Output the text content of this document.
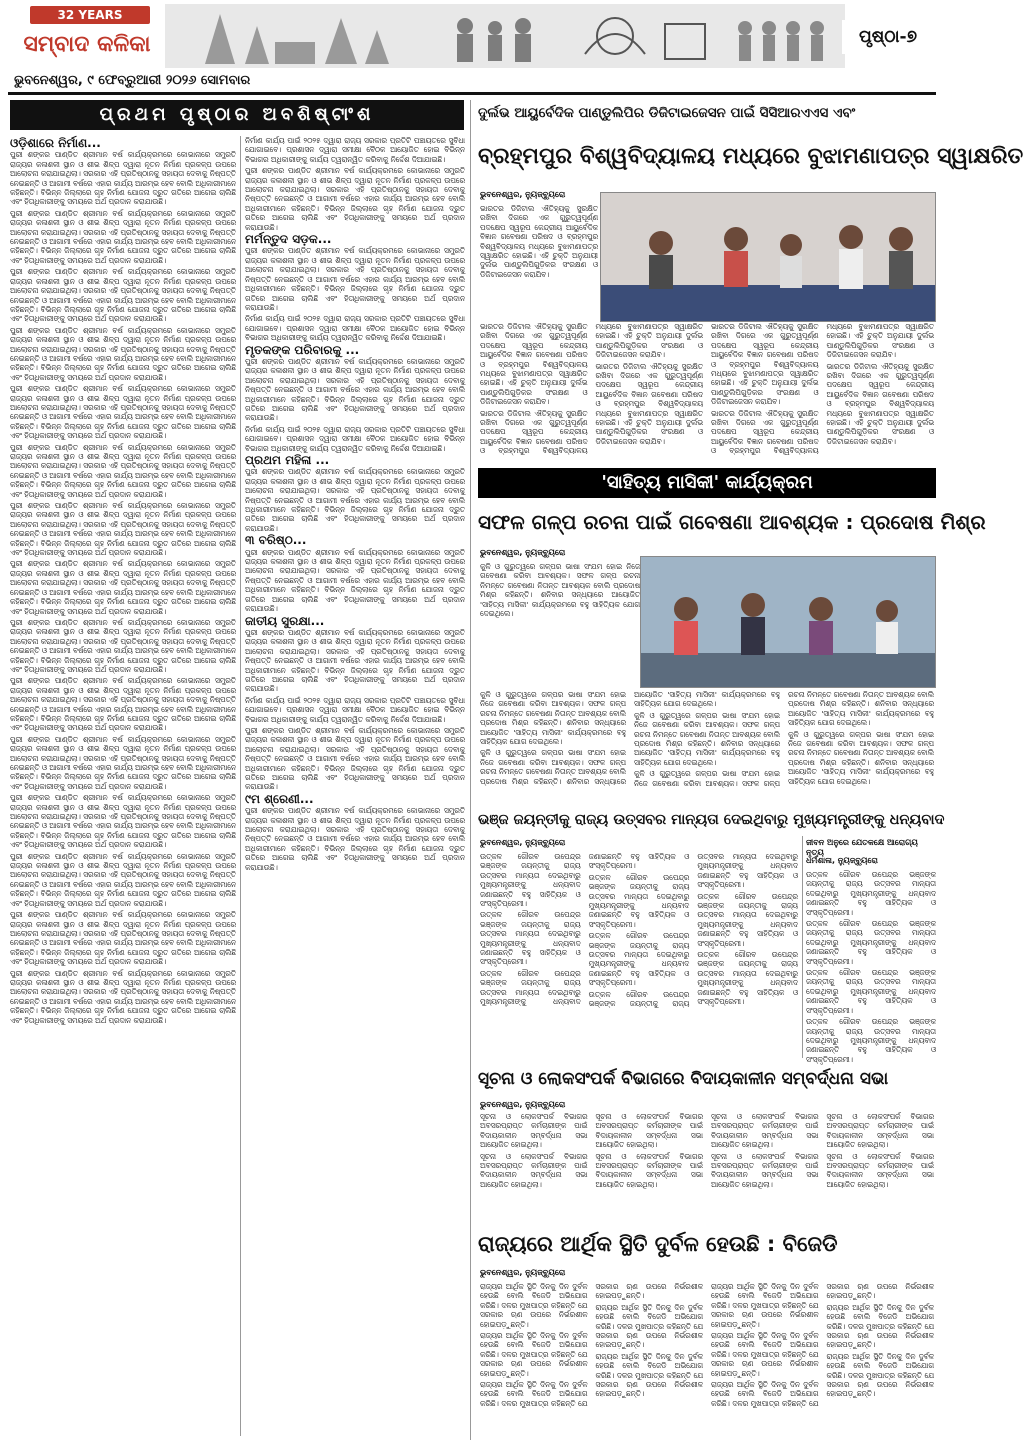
32 YEARS
ସମ୍ବାଦ କଳିକା
ଭୁବନେଶ୍ୱର, ୯ ଫେବ୍ରୁଆରୀ ୨୦୨୬ ସୋମବାର
ପୃଷ୍ଠା-୭
ପ୍ରଥମ ପୃଷ୍ଠାର ଅବଶିଷ୍ଟାଂଶ
ଓଡ଼ିଶାରେ ନିର୍ମାଣ...

ପୁରୀ ଶଙ୍କର ପାଣ୍ଡିତ ଶ୍ରୀମାନ ବର୍ଷ କାର୍ଯ୍ୟକ୍ରମରେ କୋଭାନାରେ ସମ୍ପ୍ରତି ରାଜ୍ୟର କଳାଶଳୀ ସ୍ଥାନ ଓ ଶୀଭ ଶିଳ୍ପ ଦ୍ୱାରା ନୂତନ ନିର୍ମାଣ ପ୍ରକଳ୍ପ ଉପରେ ଆଲୋଚନା କରାଯାଇଥିଲା। ସରକାର ଏହି ପ୍ରତିଷ୍ଠାନକୁ ସହାୟତା ଦେବାକୁ ନିଷ୍ପତ୍ତି ନେଇଛନ୍ତି ଓ ଆଗାମୀ ବର୍ଷରେ ଏହାର କାର୍ଯ୍ୟ ଆରମ୍ଭ ହେବ ବୋଲି ଅଧିକାରୀମାନେ କହିଛନ୍ତି। ବିଭିନ୍ନ ଜିଲ୍ଲାରେ ଗୃହ ନିର୍ମାଣ ଯୋଜନା ଦ୍ରୁତ ଗତିରେ ଆଗେଇ ଚାଲିଛି ଏବଂ ହିତାଧିକାରୀଙ୍କୁ ସମୟରେ ଅର୍ଥ ପ୍ରଦାନ କରାଯାଉଛି।

ପୁରୀ ଶଙ୍କର ପାଣ୍ଡିତ ଶ୍ରୀମାନ ବର୍ଷ କାର୍ଯ୍ୟକ୍ରମରେ କୋଭାନାରେ ସମ୍ପ୍ରତି ରାଜ୍ୟର କଳାଶଳୀ ସ୍ଥାନ ଓ ଶୀଭ ଶିଳ୍ପ ଦ୍ୱାରା ନୂତନ ନିର୍ମାଣ ପ୍ରକଳ୍ପ ଉପରେ ଆଲୋଚନା କରାଯାଇଥିଲା। ସରକାର ଏହି ପ୍ରତିଷ୍ଠାନକୁ ସହାୟତା ଦେବାକୁ ନିଷ୍ପତ୍ତି ନେଇଛନ୍ତି ଓ ଆଗାମୀ ବର୍ଷରେ ଏହାର କାର୍ଯ୍ୟ ଆରମ୍ଭ ହେବ ବୋଲି ଅଧିକାରୀମାନେ କହିଛନ୍ତି। ବିଭିନ୍ନ ଜିଲ୍ଲାରେ ଗୃହ ନିର୍ମାଣ ଯୋଜନା ଦ୍ରୁତ ଗତିରେ ଆଗେଇ ଚାଲିଛି ଏବଂ ହିତାଧିକାରୀଙ୍କୁ ସମୟରେ ଅର୍ଥ ପ୍ରଦାନ କରାଯାଉଛି।

ପୁରୀ ଶଙ୍କର ପାଣ୍ଡିତ ଶ୍ରୀମାନ ବର୍ଷ କାର୍ଯ୍ୟକ୍ରମରେ କୋଭାନାରେ ସମ୍ପ୍ରତି ରାଜ୍ୟର କଳାଶଳୀ ସ୍ଥାନ ଓ ଶୀଭ ଶିଳ୍ପ ଦ୍ୱାରା ନୂତନ ନିର୍ମାଣ ପ୍ରକଳ୍ପ ଉପରେ ଆଲୋଚନା କରାଯାଇଥିଲା। ସରକାର ଏହି ପ୍ରତିଷ୍ଠାନକୁ ସହାୟତା ଦେବାକୁ ନିଷ୍ପତ୍ତି ନେଇଛନ୍ତି ଓ ଆଗାମୀ ବର୍ଷରେ ଏହାର କାର୍ଯ୍ୟ ଆରମ୍ଭ ହେବ ବୋଲି ଅଧିକାରୀମାନେ କହିଛନ୍ତି। ବିଭିନ୍ନ ଜିଲ୍ଲାରେ ଗୃହ ନିର୍ମାଣ ଯୋଜନା ଦ୍ରୁତ ଗତିରେ ଆଗେଇ ଚାଲିଛି ଏବଂ ହିତାଧିକାରୀଙ୍କୁ ସମୟରେ ଅର୍ଥ ପ୍ରଦାନ କରାଯାଉଛି।

ପୁରୀ ଶଙ୍କର ପାଣ୍ଡିତ ଶ୍ରୀମାନ ବର୍ଷ କାର୍ଯ୍ୟକ୍ରମରେ କୋଭାନାରେ ସମ୍ପ୍ରତି ରାଜ୍ୟର କଳାଶଳୀ ସ୍ଥାନ ଓ ଶୀଭ ଶିଳ୍ପ ଦ୍ୱାରା ନୂତନ ନିର୍ମାଣ ପ୍ରକଳ୍ପ ଉପରେ ଆଲୋଚନା କରାଯାଇଥିଲା। ସରକାର ଏହି ପ୍ରତିଷ୍ଠାନକୁ ସହାୟତା ଦେବାକୁ ନିଷ୍ପତ୍ତି ନେଇଛନ୍ତି ଓ ଆଗାମୀ ବର୍ଷରେ ଏହାର କାର୍ଯ୍ୟ ଆରମ୍ଭ ହେବ ବୋଲି ଅଧିକାରୀମାନେ କହିଛନ୍ତି। ବିଭିନ୍ନ ଜିଲ୍ଲାରେ ଗୃହ ନିର୍ମାଣ ଯୋଜନା ଦ୍ରୁତ ଗତିରେ ଆଗେଇ ଚାଲିଛି ଏବଂ ହିତାଧିକାରୀଙ୍କୁ ସମୟରେ ଅର୍ଥ ପ୍ରଦାନ କରାଯାଉଛି।

ପୁରୀ ଶଙ୍କର ପାଣ୍ଡିତ ଶ୍ରୀମାନ ବର୍ଷ କାର୍ଯ୍ୟକ୍ରମରେ କୋଭାନାରେ ସମ୍ପ୍ରତି ରାଜ୍ୟର କଳାଶଳୀ ସ୍ଥାନ ଓ ଶୀଭ ଶିଳ୍ପ ଦ୍ୱାରା ନୂତନ ନିର୍ମାଣ ପ୍ରକଳ୍ପ ଉପରେ ଆଲୋଚନା କରାଯାଇଥିଲା। ସରକାର ଏହି ପ୍ରତିଷ୍ଠାନକୁ ସହାୟତା ଦେବାକୁ ନିଷ୍ପତ୍ତି ନେଇଛନ୍ତି ଓ ଆଗାମୀ ବର୍ଷରେ ଏହାର କାର୍ଯ୍ୟ ଆରମ୍ଭ ହେବ ବୋଲି ଅଧିକାରୀମାନେ କହିଛନ୍ତି। ବିଭିନ୍ନ ଜିଲ୍ଲାରେ ଗୃହ ନିର୍ମାଣ ଯୋଜନା ଦ୍ରୁତ ଗତିରେ ଆଗେଇ ଚାଲିଛି ଏବଂ ହିତାଧିକାରୀଙ୍କୁ ସମୟରେ ଅର୍ଥ ପ୍ରଦାନ କରାଯାଉଛି।

ପୁରୀ ଶଙ୍କର ପାଣ୍ଡିତ ଶ୍ରୀମାନ ବର୍ଷ କାର୍ଯ୍ୟକ୍ରମରେ କୋଭାନାରେ ସମ୍ପ୍ରତି ରାଜ୍ୟର କଳାଶଳୀ ସ୍ଥାନ ଓ ଶୀଭ ଶିଳ୍ପ ଦ୍ୱାରା ନୂତନ ନିର୍ମାଣ ପ୍ରକଳ୍ପ ଉପରେ ଆଲୋଚନା କରାଯାଇଥିଲା। ସରକାର ଏହି ପ୍ରତିଷ୍ଠାନକୁ ସହାୟତା ଦେବାକୁ ନିଷ୍ପତ୍ତି ନେଇଛନ୍ତି ଓ ଆଗାମୀ ବର୍ଷରେ ଏହାର କାର୍ଯ୍ୟ ଆରମ୍ଭ ହେବ ବୋଲି ଅଧିକାରୀମାନେ କହିଛନ୍ତି। ବିଭିନ୍ନ ଜିଲ୍ଲାରେ ଗୃହ ନିର୍ମାଣ ଯୋଜନା ଦ୍ରୁତ ଗତିରେ ଆଗେଇ ଚାଲିଛି ଏବଂ ହିତାଧିକାରୀଙ୍କୁ ସମୟରେ ଅର୍ଥ ପ୍ରଦାନ କରାଯାଉଛି।

ପୁରୀ ଶଙ୍କର ପାଣ୍ଡିତ ଶ୍ରୀମାନ ବର୍ଷ କାର୍ଯ୍ୟକ୍ରମରେ କୋଭାନାରେ ସମ୍ପ୍ରତି ରାଜ୍ୟର କଳାଶଳୀ ସ୍ଥାନ ଓ ଶୀଭ ଶିଳ୍ପ ଦ୍ୱାରା ନୂତନ ନିର୍ମାଣ ପ୍ରକଳ୍ପ ଉପରେ ଆଲୋଚନା କରାଯାଇଥିଲା। ସରକାର ଏହି ପ୍ରତିଷ୍ଠାନକୁ ସହାୟତା ଦେବାକୁ ନିଷ୍ପତ୍ତି ନେଇଛନ୍ତି ଓ ଆଗାମୀ ବର୍ଷରେ ଏହାର କାର୍ଯ୍ୟ ଆରମ୍ଭ ହେବ ବୋଲି ଅଧିକାରୀମାନେ କହିଛନ୍ତି। ବିଭିନ୍ନ ଜିଲ୍ଲାରେ ଗୃହ ନିର୍ମାଣ ଯୋଜନା ଦ୍ରୁତ ଗତିରେ ଆଗେଇ ଚାଲିଛି ଏବଂ ହିତାଧିକାରୀଙ୍କୁ ସମୟରେ ଅର୍ଥ ପ୍ରଦାନ କରାଯାଉଛି।

ପୁରୀ ଶଙ୍କର ପାଣ୍ଡିତ ଶ୍ରୀମାନ ବର୍ଷ କାର୍ଯ୍ୟକ୍ରମରେ କୋଭାନାରେ ସମ୍ପ୍ରତି ରାଜ୍ୟର କଳାଶଳୀ ସ୍ଥାନ ଓ ଶୀଭ ଶିଳ୍ପ ଦ୍ୱାରା ନୂତନ ନିର୍ମାଣ ପ୍ରକଳ୍ପ ଉପରେ ଆଲୋଚନା କରାଯାଇଥିଲା। ସରକାର ଏହି ପ୍ରତିଷ୍ଠାନକୁ ସହାୟତା ଦେବାକୁ ନିଷ୍ପତ୍ତି ନେଇଛନ୍ତି ଓ ଆଗାମୀ ବର୍ଷରେ ଏହାର କାର୍ଯ୍ୟ ଆରମ୍ଭ ହେବ ବୋଲି ଅଧିକାରୀମାନେ କହିଛନ୍ତି। ବିଭିନ୍ନ ଜିଲ୍ଲାରେ ଗୃହ ନିର୍ମାଣ ଯୋଜନା ଦ୍ରୁତ ଗତିରେ ଆଗେଇ ଚାଲିଛି ଏବଂ ହିତାଧିକାରୀଙ୍କୁ ସମୟରେ ଅର୍ଥ ପ୍ରଦାନ କରାଯାଉଛି।

ପୁରୀ ଶଙ୍କର ପାଣ୍ଡିତ ଶ୍ରୀମାନ ବର୍ଷ କାର୍ଯ୍ୟକ୍ରମରେ କୋଭାନାରେ ସମ୍ପ୍ରତି ରାଜ୍ୟର କଳାଶଳୀ ସ୍ଥାନ ଓ ଶୀଭ ଶିଳ୍ପ ଦ୍ୱାରା ନୂତନ ନିର୍ମାଣ ପ୍ରକଳ୍ପ ଉପରେ ଆଲୋଚନା କରାଯାଇଥିଲା। ସରକାର ଏହି ପ୍ରତିଷ୍ଠାନକୁ ସହାୟତା ଦେବାକୁ ନିଷ୍ପତ୍ତି ନେଇଛନ୍ତି ଓ ଆଗାମୀ ବର୍ଷରେ ଏହାର କାର୍ଯ୍ୟ ଆରମ୍ଭ ହେବ ବୋଲି ଅଧିକାରୀମାନେ କହିଛନ୍ତି। ବିଭିନ୍ନ ଜିଲ୍ଲାରେ ଗୃହ ନିର୍ମାଣ ଯୋଜନା ଦ୍ରୁତ ଗତିରେ ଆଗେଇ ଚାଲିଛି ଏବଂ ହିତାଧିକାରୀଙ୍କୁ ସମୟରେ ଅର୍ଥ ପ୍ରଦାନ କରାଯାଉଛି।

ପୁରୀ ଶଙ୍କର ପାଣ୍ଡିତ ଶ୍ରୀମାନ ବର୍ଷ କାର୍ଯ୍ୟକ୍ରମରେ କୋଭାନାରେ ସମ୍ପ୍ରତି ରାଜ୍ୟର କଳାଶଳୀ ସ୍ଥାନ ଓ ଶୀଭ ଶିଳ୍ପ ଦ୍ୱାରା ନୂତନ ନିର୍ମାଣ ପ୍ରକଳ୍ପ ଉପରେ ଆଲୋଚନା କରାଯାଇଥିଲା। ସରକାର ଏହି ପ୍ରତିଷ୍ଠାନକୁ ସହାୟତା ଦେବାକୁ ନିଷ୍ପତ୍ତି ନେଇଛନ୍ତି ଓ ଆଗାମୀ ବର୍ଷରେ ଏହାର କାର୍ଯ୍ୟ ଆରମ୍ଭ ହେବ ବୋଲି ଅଧିକାରୀମାନେ କହିଛନ୍ତି। ବିଭିନ୍ନ ଜିଲ୍ଲାରେ ଗୃହ ନିର୍ମାଣ ଯୋଜନା ଦ୍ରୁତ ଗତିରେ ଆଗେଇ ଚାଲିଛି ଏବଂ ହିତାଧିକାରୀଙ୍କୁ ସମୟରେ ଅର୍ଥ ପ୍ରଦାନ କରାଯାଉଛି।

ପୁରୀ ଶଙ୍କର ପାଣ୍ଡିତ ଶ୍ରୀମାନ ବର୍ଷ କାର୍ଯ୍ୟକ୍ରମରେ କୋଭାନାରେ ସମ୍ପ୍ରତି ରାଜ୍ୟର କଳାଶଳୀ ସ୍ଥାନ ଓ ଶୀଭ ଶିଳ୍ପ ଦ୍ୱାରା ନୂତନ ନିର୍ମାଣ ପ୍ରକଳ୍ପ ଉପରେ ଆଲୋଚନା କରାଯାଇଥିଲା। ସରକାର ଏହି ପ୍ରତିଷ୍ଠାନକୁ ସହାୟତା ଦେବାକୁ ନିଷ୍ପତ୍ତି ନେଇଛନ୍ତି ଓ ଆଗାମୀ ବର୍ଷରେ ଏହାର କାର୍ଯ୍ୟ ଆରମ୍ଭ ହେବ ବୋଲି ଅଧିକାରୀମାନେ କହିଛନ୍ତି। ବିଭିନ୍ନ ଜିଲ୍ଲାରେ ଗୃହ ନିର୍ମାଣ ଯୋଜନା ଦ୍ରୁତ ଗତିରେ ଆଗେଇ ଚାଲିଛି ଏବଂ ହିତାଧିକାରୀଙ୍କୁ ସମୟରେ ଅର୍ଥ ପ୍ରଦାନ କରାଯାଉଛି।

ପୁରୀ ଶଙ୍କର ପାଣ୍ଡିତ ଶ୍ରୀମାନ ବର୍ଷ କାର୍ଯ୍ୟକ୍ରମରେ କୋଭାନାରେ ସମ୍ପ୍ରତି ରାଜ୍ୟର କଳାଶଳୀ ସ୍ଥାନ ଓ ଶୀଭ ଶିଳ୍ପ ଦ୍ୱାରା ନୂତନ ନିର୍ମାଣ ପ୍ରକଳ୍ପ ଉପରେ ଆଲୋଚନା କରାଯାଇଥିଲା। ସରକାର ଏହି ପ୍ରତିଷ୍ଠାନକୁ ସହାୟତା ଦେବାକୁ ନିଷ୍ପତ୍ତି ନେଇଛନ୍ତି ଓ ଆଗାମୀ ବର୍ଷରେ ଏହାର କାର୍ଯ୍ୟ ଆରମ୍ଭ ହେବ ବୋଲି ଅଧିକାରୀମାନେ କହିଛନ୍ତି। ବିଭିନ୍ନ ଜିଲ୍ଲାରେ ଗୃହ ନିର୍ମାଣ ଯୋଜନା ଦ୍ରୁତ ଗତିରେ ଆଗେଇ ଚାଲିଛି ଏବଂ ହିତାଧିକାରୀଙ୍କୁ ସମୟରେ ଅର୍ଥ ପ୍ରଦାନ କରାଯାଉଛି।

ପୁରୀ ଶଙ୍କର ପାଣ୍ଡିତ ଶ୍ରୀମାନ ବର୍ଷ କାର୍ଯ୍ୟକ୍ରମରେ କୋଭାନାରେ ସମ୍ପ୍ରତି ରାଜ୍ୟର କଳାଶଳୀ ସ୍ଥାନ ଓ ଶୀଭ ଶିଳ୍ପ ଦ୍ୱାରା ନୂତନ ନିର୍ମାଣ ପ୍ରକଳ୍ପ ଉପରେ ଆଲୋଚନା କରାଯାଇଥିଲା। ସରକାର ଏହି ପ୍ରତିଷ୍ଠାନକୁ ସହାୟତା ଦେବାକୁ ନିଷ୍ପତ୍ତି ନେଇଛନ୍ତି ଓ ଆଗାମୀ ବର୍ଷରେ ଏହାର କାର୍ଯ୍ୟ ଆରମ୍ଭ ହେବ ବୋଲି ଅଧିକାରୀମାନେ କହିଛନ୍ତି। ବିଭିନ୍ନ ଜିଲ୍ଲାରେ ଗୃହ ନିର୍ମାଣ ଯୋଜନା ଦ୍ରୁତ ଗତିରେ ଆଗେଇ ଚାଲିଛି ଏବଂ ହିତାଧିକାରୀଙ୍କୁ ସମୟରେ ଅର୍ଥ ପ୍ରଦାନ କରାଯାଉଛି।

ପୁରୀ ଶଙ୍କର ପାଣ୍ଡିତ ଶ୍ରୀମାନ ବର୍ଷ କାର୍ଯ୍ୟକ୍ରମରେ କୋଭାନାରେ ସମ୍ପ୍ରତି ରାଜ୍ୟର କଳାଶଳୀ ସ୍ଥାନ ଓ ଶୀଭ ଶିଳ୍ପ ଦ୍ୱାରା ନୂତନ ନିର୍ମାଣ ପ୍ରକଳ୍ପ ଉପରେ ଆଲୋଚନା କରାଯାଇଥିଲା। ସରକାର ଏହି ପ୍ରତିଷ୍ଠାନକୁ ସହାୟତା ଦେବାକୁ ନିଷ୍ପତ୍ତି ନେଇଛନ୍ତି ଓ ଆଗାମୀ ବର୍ଷରେ ଏହାର କାର୍ଯ୍ୟ ଆରମ୍ଭ ହେବ ବୋଲି ଅଧିକାରୀମାନେ କହିଛନ୍ତି। ବିଭିନ୍ନ ଜିଲ୍ଲାରେ ଗୃହ ନିର୍ମାଣ ଯୋଜନା ଦ୍ରୁତ ଗତିରେ ଆଗେଇ ଚାଲିଛି ଏବଂ ହିତାଧିକାରୀଙ୍କୁ ସମୟରେ ଅର୍ଥ ପ୍ରଦାନ କରାଯାଉଛି।

ପୁରୀ ଶଙ୍କର ପାଣ୍ଡିତ ଶ୍ରୀମାନ ବର୍ଷ କାର୍ଯ୍ୟକ୍ରମରେ କୋଭାନାରେ ସମ୍ପ୍ରତି ରାଜ୍ୟର କଳାଶଳୀ ସ୍ଥାନ ଓ ଶୀଭ ଶିଳ୍ପ ଦ୍ୱାରା ନୂତନ ନିର୍ମାଣ ପ୍ରକଳ୍ପ ଉପରେ ଆଲୋଚନା କରାଯାଇଥିଲା। ସରକାର ଏହି ପ୍ରତିଷ୍ଠାନକୁ ସହାୟତା ଦେବାକୁ ନିଷ୍ପତ୍ତି ନେଇଛନ୍ତି ଓ ଆଗାମୀ ବର୍ଷରେ ଏହାର କାର୍ଯ୍ୟ ଆରମ୍ଭ ହେବ ବୋଲି ଅଧିକାରୀମାନେ କହିଛନ୍ତି। ବିଭିନ୍ନ ଜିଲ୍ଲାରେ ଗୃହ ନିର୍ମାଣ ଯୋଜନା ଦ୍ରୁତ ଗତିରେ ଆଗେଇ ଚାଲିଛି ଏବଂ ହିତାଧିକାରୀଙ୍କୁ ସମୟରେ ଅର୍ଥ ପ୍ରଦାନ କରାଯାଉଛି।

ନିର୍ମାଣ କାର୍ଯ୍ୟ ପାଇଁ ୨୦୨୫ ଦ୍ୱାରା ରାଜ୍ୟ ସରକାର ପ୍ରତିଟି ପଞ୍ଚାୟତରେ ସୁବିଧା ଯୋଗାଇବେ। ପ୍ରଶାସନ ଦ୍ୱାରା ସମୀକ୍ଷା ବୈଠକ ଆୟୋଜିତ ହୋଇ ବିଭିନ୍ନ ବିଭାଗର ଅଧିକାରୀଙ୍କୁ କାର୍ଯ୍ୟ ତ୍ୱରାନ୍ୱିତ କରିବାକୁ ନିର୍ଦ୍ଦେଶ ଦିଆଯାଇଛି।

ପୁରୀ ଶଙ୍କର ପାଣ୍ଡିତ ଶ୍ରୀମାନ ବର୍ଷ କାର୍ଯ୍ୟକ୍ରମରେ କୋଭାନାରେ ସମ୍ପ୍ରତି ରାଜ୍ୟର କଳାଶଳୀ ସ୍ଥାନ ଓ ଶୀଭ ଶିଳ୍ପ ଦ୍ୱାରା ନୂତନ ନିର୍ମାଣ ପ୍ରକଳ୍ପ ଉପରେ ଆଲୋଚନା କରାଯାଇଥିଲା। ସରକାର ଏହି ପ୍ରତିଷ୍ଠାନକୁ ସହାୟତା ଦେବାକୁ ନିଷ୍ପତ୍ତି ନେଇଛନ୍ତି ଓ ଆଗାମୀ ବର୍ଷରେ ଏହାର କାର୍ଯ୍ୟ ଆରମ୍ଭ ହେବ ବୋଲି ଅଧିକାରୀମାନେ କହିଛନ୍ତି। ବିଭିନ୍ନ ଜିଲ୍ଲାରେ ଗୃହ ନିର୍ମାଣ ଯୋଜନା ଦ୍ରୁତ ଗତିରେ ଆଗେଇ ଚାଲିଛି ଏବଂ ହିତାଧିକାରୀଙ୍କୁ ସମୟରେ ଅର୍ଥ ପ୍ରଦାନ କରାଯାଉଛି।

ମର୍ମନ୍ତୁଦ ସଡ଼କ...

ପୁରୀ ଶଙ୍କର ପାଣ୍ଡିତ ଶ୍ରୀମାନ ବର୍ଷ କାର୍ଯ୍ୟକ୍ରମରେ କୋଭାନାରେ ସମ୍ପ୍ରତି ରାଜ୍ୟର କଳାଶଳୀ ସ୍ଥାନ ଓ ଶୀଭ ଶିଳ୍ପ ଦ୍ୱାରା ନୂତନ ନିର୍ମାଣ ପ୍ରକଳ୍ପ ଉପରେ ଆଲୋଚନା କରାଯାଇଥିଲା। ସରକାର ଏହି ପ୍ରତିଷ୍ଠାନକୁ ସହାୟତା ଦେବାକୁ ନିଷ୍ପତ୍ତି ନେଇଛନ୍ତି ଓ ଆଗାମୀ ବର୍ଷରେ ଏହାର କାର୍ଯ୍ୟ ଆରମ୍ଭ ହେବ ବୋଲି ଅଧିକାରୀମାନେ କହିଛନ୍ତି। ବିଭିନ୍ନ ଜିଲ୍ଲାରେ ଗୃହ ନିର୍ମାଣ ଯୋଜନା ଦ୍ରୁତ ଗତିରେ ଆଗେଇ ଚାଲିଛି ଏବଂ ହିତାଧିକାରୀଙ୍କୁ ସମୟରେ ଅର୍ଥ ପ୍ରଦାନ କରାଯାଉଛି।

ନିର୍ମାଣ କାର୍ଯ୍ୟ ପାଇଁ ୨୦୨୫ ଦ୍ୱାରା ରାଜ୍ୟ ସରକାର ପ୍ରତିଟି ପଞ୍ଚାୟତରେ ସୁବିଧା ଯୋଗାଇବେ। ପ୍ରଶାସନ ଦ୍ୱାରା ସମୀକ୍ଷା ବୈଠକ ଆୟୋଜିତ ହୋଇ ବିଭିନ୍ନ ବିଭାଗର ଅଧିକାରୀଙ୍କୁ କାର୍ଯ୍ୟ ତ୍ୱରାନ୍ୱିତ କରିବାକୁ ନିର୍ଦ୍ଦେଶ ଦିଆଯାଇଛି।

ମୃତକଙ୍କ ପରିବାରକୁ ...

ପୁରୀ ଶଙ୍କର ପାଣ୍ଡିତ ଶ୍ରୀମାନ ବର୍ଷ କାର୍ଯ୍ୟକ୍ରମରେ କୋଭାନାରେ ସମ୍ପ୍ରତି ରାଜ୍ୟର କଳାଶଳୀ ସ୍ଥାନ ଓ ଶୀଭ ଶିଳ୍ପ ଦ୍ୱାରା ନୂତନ ନିର୍ମାଣ ପ୍ରକଳ୍ପ ଉପରେ ଆଲୋଚନା କରାଯାଇଥିଲା। ସରକାର ଏହି ପ୍ରତିଷ୍ଠାନକୁ ସହାୟତା ଦେବାକୁ ନିଷ୍ପତ୍ତି ନେଇଛନ୍ତି ଓ ଆଗାମୀ ବର୍ଷରେ ଏହାର କାର୍ଯ୍ୟ ଆରମ୍ଭ ହେବ ବୋଲି ଅଧିକାରୀମାନେ କହିଛନ୍ତି। ବିଭିନ୍ନ ଜିଲ୍ଲାରେ ଗୃହ ନିର୍ମାଣ ଯୋଜନା ଦ୍ରୁତ ଗତିରେ ଆଗେଇ ଚାଲିଛି ଏବଂ ହିତାଧିକାରୀଙ୍କୁ ସମୟରେ ଅର୍ଥ ପ୍ରଦାନ କରାଯାଉଛି।

ନିର୍ମାଣ କାର୍ଯ୍ୟ ପାଇଁ ୨୦୨୫ ଦ୍ୱାରା ରାଜ୍ୟ ସରକାର ପ୍ରତିଟି ପଞ୍ଚାୟତରେ ସୁବିଧା ଯୋଗାଇବେ। ପ୍ରଶାସନ ଦ୍ୱାରା ସମୀକ୍ଷା ବୈଠକ ଆୟୋଜିତ ହୋଇ ବିଭିନ୍ନ ବିଭାଗର ଅଧିକାରୀଙ୍କୁ କାର୍ଯ୍ୟ ତ୍ୱରାନ୍ୱିତ କରିବାକୁ ନିର୍ଦ୍ଦେଶ ଦିଆଯାଇଛି।

ପ୍ରଥମ ମହିଳା ...

ପୁରୀ ଶଙ୍କର ପାଣ୍ଡିତ ଶ୍ରୀମାନ ବର୍ଷ କାର୍ଯ୍ୟକ୍ରମରେ କୋଭାନାରେ ସମ୍ପ୍ରତି ରାଜ୍ୟର କଳାଶଳୀ ସ୍ଥାନ ଓ ଶୀଭ ଶିଳ୍ପ ଦ୍ୱାରା ନୂତନ ନିର୍ମାଣ ପ୍ରକଳ୍ପ ଉପରେ ଆଲୋଚନା କରାଯାଇଥିଲା। ସରକାର ଏହି ପ୍ରତିଷ୍ଠାନକୁ ସହାୟତା ଦେବାକୁ ନିଷ୍ପତ୍ତି ନେଇଛନ୍ତି ଓ ଆଗାମୀ ବର୍ଷରେ ଏହାର କାର୍ଯ୍ୟ ଆରମ୍ଭ ହେବ ବୋଲି ଅଧିକାରୀମାନେ କହିଛନ୍ତି। ବିଭିନ୍ନ ଜିଲ୍ଲାରେ ଗୃହ ନିର୍ମାଣ ଯୋଜନା ଦ୍ରୁତ ଗତିରେ ଆଗେଇ ଚାଲିଛି ଏବଂ ହିତାଧିକାରୀଙ୍କୁ ସମୟରେ ଅର୍ଥ ପ୍ରଦାନ କରାଯାଉଛି।

୩ ବରିଷ୍ଠ...

ପୁରୀ ଶଙ୍କର ପାଣ୍ଡିତ ଶ୍ରୀମାନ ବର୍ଷ କାର୍ଯ୍ୟକ୍ରମରେ କୋଭାନାରେ ସମ୍ପ୍ରତି ରାଜ୍ୟର କଳାଶଳୀ ସ୍ଥାନ ଓ ଶୀଭ ଶିଳ୍ପ ଦ୍ୱାରା ନୂତନ ନିର୍ମାଣ ପ୍ରକଳ୍ପ ଉପରେ ଆଲୋଚନା କରାଯାଇଥିଲା। ସରକାର ଏହି ପ୍ରତିଷ୍ଠାନକୁ ସହାୟତା ଦେବାକୁ ନିଷ୍ପତ୍ତି ନେଇଛନ୍ତି ଓ ଆଗାମୀ ବର୍ଷରେ ଏହାର କାର୍ଯ୍ୟ ଆରମ୍ଭ ହେବ ବୋଲି ଅଧିକାରୀମାନେ କହିଛନ୍ତି। ବିଭିନ୍ନ ଜିଲ୍ଲାରେ ଗୃହ ନିର୍ମାଣ ଯୋଜନା ଦ୍ରୁତ ଗତିରେ ଆଗେଇ ଚାଲିଛି ଏବଂ ହିତାଧିକାରୀଙ୍କୁ ସମୟରେ ଅର୍ଥ ପ୍ରଦାନ କରାଯାଉଛି।

ଜାତୀୟ ସୁରକ୍ଷା...

ପୁରୀ ଶଙ୍କର ପାଣ୍ଡିତ ଶ୍ରୀମାନ ବର୍ଷ କାର୍ଯ୍ୟକ୍ରମରେ କୋଭାନାରେ ସମ୍ପ୍ରତି ରାଜ୍ୟର କଳାଶଳୀ ସ୍ଥାନ ଓ ଶୀଭ ଶିଳ୍ପ ଦ୍ୱାରା ନୂତନ ନିର୍ମାଣ ପ୍ରକଳ୍ପ ଉପରେ ଆଲୋଚନା କରାଯାଇଥିଲା। ସରକାର ଏହି ପ୍ରତିଷ୍ଠାନକୁ ସହାୟତା ଦେବାକୁ ନିଷ୍ପତ୍ତି ନେଇଛନ୍ତି ଓ ଆଗାମୀ ବର୍ଷରେ ଏହାର କାର୍ଯ୍ୟ ଆରମ୍ଭ ହେବ ବୋଲି ଅଧିକାରୀମାନେ କହିଛନ୍ତି। ବିଭିନ୍ନ ଜିଲ୍ଲାରେ ଗୃହ ନିର୍ମାଣ ଯୋଜନା ଦ୍ରୁତ ଗତିରେ ଆଗେଇ ଚାଲିଛି ଏବଂ ହିତାଧିକାରୀଙ୍କୁ ସମୟରେ ଅର୍ଥ ପ୍ରଦାନ କରାଯାଉଛି।

ନିର୍ମାଣ କାର୍ଯ୍ୟ ପାଇଁ ୨୦୨୫ ଦ୍ୱାରା ରାଜ୍ୟ ସରକାର ପ୍ରତିଟି ପଞ୍ଚାୟତରେ ସୁବିଧା ଯୋଗାଇବେ। ପ୍ରଶାସନ ଦ୍ୱାରା ସମୀକ୍ଷା ବୈଠକ ଆୟୋଜିତ ହୋଇ ବିଭିନ୍ନ ବିଭାଗର ଅଧିକାରୀଙ୍କୁ କାର୍ଯ୍ୟ ତ୍ୱରାନ୍ୱିତ କରିବାକୁ ନିର୍ଦ୍ଦେଶ ଦିଆଯାଇଛି।

ପୁରୀ ଶଙ୍କର ପାଣ୍ଡିତ ଶ୍ରୀମାନ ବର୍ଷ କାର୍ଯ୍ୟକ୍ରମରେ କୋଭାନାରେ ସମ୍ପ୍ରତି ରାଜ୍ୟର କଳାଶଳୀ ସ୍ଥାନ ଓ ଶୀଭ ଶିଳ୍ପ ଦ୍ୱାରା ନୂତନ ନିର୍ମାଣ ପ୍ରକଳ୍ପ ଉପରେ ଆଲୋଚନା କରାଯାଇଥିଲା। ସରକାର ଏହି ପ୍ରତିଷ୍ଠାନକୁ ସହାୟତା ଦେବାକୁ ନିଷ୍ପତ୍ତି ନେଇଛନ୍ତି ଓ ଆଗାମୀ ବର୍ଷରେ ଏହାର କାର୍ଯ୍ୟ ଆରମ୍ଭ ହେବ ବୋଲି ଅଧିକାରୀମାନେ କହିଛନ୍ତି। ବିଭିନ୍ନ ଜିଲ୍ଲାରେ ଗୃହ ନିର୍ମାଣ ଯୋଜନା ଦ୍ରୁତ ଗତିରେ ଆଗେଇ ଚାଲିଛି ଏବଂ ହିତାଧିକାରୀଙ୍କୁ ସମୟରେ ଅର୍ଥ ପ୍ରଦାନ କରାଯାଉଛି।

୯ମ ଶ୍ରେଣୀ...

ପୁରୀ ଶଙ୍କର ପାଣ୍ଡିତ ଶ୍ରୀମାନ ବର୍ଷ କାର୍ଯ୍ୟକ୍ରମରେ କୋଭାନାରେ ସମ୍ପ୍ରତି ରାଜ୍ୟର କଳାଶଳୀ ସ୍ଥାନ ଓ ଶୀଭ ଶିଳ୍ପ ଦ୍ୱାରା ନୂତନ ନିର୍ମାଣ ପ୍ରକଳ୍ପ ଉପରେ ଆଲୋଚନା କରାଯାଇଥିଲା। ସରକାର ଏହି ପ୍ରତିଷ୍ଠାନକୁ ସହାୟତା ଦେବାକୁ ନିଷ୍ପତ୍ତି ନେଇଛନ୍ତି ଓ ଆଗାମୀ ବର୍ଷରେ ଏହାର କାର୍ଯ୍ୟ ଆରମ୍ଭ ହେବ ବୋଲି ଅଧିକାରୀମାନେ କହିଛନ୍ତି। ବିଭିନ୍ନ ଜିଲ୍ଲାରେ ଗୃହ ନିର୍ମାଣ ଯୋଜନା ଦ୍ରୁତ ଗତିରେ ଆଗେଇ ଚାଲିଛି ଏବଂ ହିତାଧିକାରୀଙ୍କୁ ସମୟରେ ଅର୍ଥ ପ୍ରଦାନ କରାଯାଉଛି।

ଦୁର୍ଲଭ ଆୟୁର୍ବେଦିକ ପାଣ୍ଡୁଲିପିର ଡିଜିଟାଇଜେସନ ପାଇଁ ସିସିଆରଏଏସ ଏବଂ
ବ୍ରହ୍ମପୁର ବିଶ୍ୱବିଦ୍ୟାଳୟ ମଧ୍ୟରେ ବୁଝାମଣାପତ୍ର ସ୍ୱାକ୍ଷରିତ
ଭୁବନେଶ୍ୱର, ନ୍ୟୁଜ୍‌ବ୍ୟୁରୋ
ଭାରତର ଡିଜିଟାଲ ଐତିହ୍ୟକୁ ସୁରକ୍ଷିତ ରଖିବା ଦିଗରେ ଏକ ଗୁରୁତ୍ୱପୂର୍ଣ୍ଣ ପଦକ୍ଷେପ ସ୍ୱରୂପ କେନ୍ଦ୍ରୀୟ ଆୟୁର୍ବେଦିକ ବିଜ୍ଞାନ ଗବେଷଣା ପରିଷଦ ଓ ବ୍ରହ୍ମପୁର ବିଶ୍ୱବିଦ୍ୟାଳୟ ମଧ୍ୟରେ ବୁଝାମଣାପତ୍ର ସ୍ୱାକ୍ଷରିତ ହୋଇଛି। ଏହି ଚୁକ୍ତି ଅନୁଯାୟୀ ଦୁର୍ଲଭ ପାଣ୍ଡୁଲିପିଗୁଡ଼ିକର ସଂରକ୍ଷଣ ଓ ଡିଜିଟାଇଜେସନ କରାଯିବ।

ଭାରତର ଡିଜିଟାଲ ଐତିହ୍ୟକୁ ସୁରକ୍ଷିତ ରଖିବା ଦିଗରେ ଏକ ଗୁରୁତ୍ୱପୂର୍ଣ୍ଣ ପଦକ୍ଷେପ ସ୍ୱରୂପ କେନ୍ଦ୍ରୀୟ ଆୟୁର୍ବେଦିକ ବିଜ୍ଞାନ ଗବେଷଣା ପରିଷଦ ଓ ବ୍ରହ୍ମପୁର ବିଶ୍ୱବିଦ୍ୟାଳୟ ମଧ୍ୟରେ ବୁଝାମଣାପତ୍ର ସ୍ୱାକ୍ଷରିତ ହୋଇଛି। ଏହି ଚୁକ୍ତି ଅନୁଯାୟୀ ଦୁର୍ଲଭ ପାଣ୍ଡୁଲିପିଗୁଡ଼ିକର ସଂରକ୍ଷଣ ଓ ଡିଜିଟାଇଜେସନ କରାଯିବ।

ଭାରତର ଡିଜିଟାଲ ଐତିହ୍ୟକୁ ସୁରକ୍ଷିତ ରଖିବା ଦିଗରେ ଏକ ଗୁରୁତ୍ୱପୂର୍ଣ୍ଣ ପଦକ୍ଷେପ ସ୍ୱରୂପ କେନ୍ଦ୍ରୀୟ ଆୟୁର୍ବେଦିକ ବିଜ୍ଞାନ ଗବେଷଣା ପରିଷଦ ଓ ବ୍ରହ୍ମପୁର ବିଶ୍ୱବିଦ୍ୟାଳୟ ମଧ୍ୟରେ ବୁଝାମଣାପତ୍ର ସ୍ୱାକ୍ଷରିତ ହୋଇଛି। ଏହି ଚୁକ୍ତି ଅନୁଯାୟୀ ଦୁର୍ଲଭ ପାଣ୍ଡୁଲିପିଗୁଡ଼ିକର ସଂରକ୍ଷଣ ଓ ଡିଜିଟାଇଜେସନ କରାଯିବ।

ଭାରତର ଡିଜିଟାଲ ଐତିହ୍ୟକୁ ସୁରକ୍ଷିତ ରଖିବା ଦିଗରେ ଏକ ଗୁରୁତ୍ୱପୂର୍ଣ୍ଣ ପଦକ୍ଷେପ ସ୍ୱରୂପ କେନ୍ଦ୍ରୀୟ ଆୟୁର୍ବେଦିକ ବିଜ୍ଞାନ ଗବେଷଣା ପରିଷଦ ଓ ବ୍ରହ୍ମପୁର ବିଶ୍ୱବିଦ୍ୟାଳୟ ମଧ୍ୟରେ ବୁଝାମଣାପତ୍ର ସ୍ୱାକ୍ଷରିତ ହୋଇଛି। ଏହି ଚୁକ୍ତି ଅନୁଯାୟୀ ଦୁର୍ଲଭ ପାଣ୍ଡୁଲିପିଗୁଡ଼ିକର ସଂରକ୍ଷଣ ଓ ଡିଜିଟାଇଜେସନ କରାଯିବ।

ଭାରତର ଡିଜିଟାଲ ଐତିହ୍ୟକୁ ସୁରକ୍ଷିତ ରଖିବା ଦିଗରେ ଏକ ଗୁରୁତ୍ୱପୂର୍ଣ୍ଣ ପଦକ୍ଷେପ ସ୍ୱରୂପ କେନ୍ଦ୍ରୀୟ ଆୟୁର୍ବେଦିକ ବିଜ୍ଞାନ ଗବେଷଣା ପରିଷଦ ଓ ବ୍ରହ୍ମପୁର ବିଶ୍ୱବିଦ୍ୟାଳୟ ମଧ୍ୟରେ ବୁଝାମଣାପତ୍ର ସ୍ୱାକ୍ଷରିତ ହୋଇଛି। ଏହି ଚୁକ୍ତି ଅନୁଯାୟୀ ଦୁର୍ଲଭ ପାଣ୍ଡୁଲିପିଗୁଡ଼ିକର ସଂରକ୍ଷଣ ଓ ଡିଜିଟାଇଜେସନ କରାଯିବ।

ଭାରତର ଡିଜିଟାଲ ଐତିହ୍ୟକୁ ସୁରକ୍ଷିତ ରଖିବା ଦିଗରେ ଏକ ଗୁରୁତ୍ୱପୂର୍ଣ୍ଣ ପଦକ୍ଷେପ ସ୍ୱରୂପ କେନ୍ଦ୍ରୀୟ ଆୟୁର୍ବେଦିକ ବିଜ୍ଞାନ ଗବେଷଣା ପରିଷଦ ଓ ବ୍ରହ୍ମପୁର ବିଶ୍ୱବିଦ୍ୟାଳୟ ମଧ୍ୟରେ ବୁଝାମଣାପତ୍ର ସ୍ୱାକ୍ଷରିତ ହୋଇଛି। ଏହି ଚୁକ୍ତି ଅନୁଯାୟୀ ଦୁର୍ଲଭ ପାଣ୍ଡୁଲିପିଗୁଡ଼ିକର ସଂରକ୍ଷଣ ଓ ଡିଜିଟାଇଜେସନ କରାଯିବ।

ଭାରତର ଡିଜିଟାଲ ଐତିହ୍ୟକୁ ସୁରକ୍ଷିତ ରଖିବା ଦିଗରେ ଏକ ଗୁରୁତ୍ୱପୂର୍ଣ୍ଣ ପଦକ୍ଷେପ ସ୍ୱରୂପ କେନ୍ଦ୍ରୀୟ ଆୟୁର୍ବେଦିକ ବିଜ୍ଞାନ ଗବେଷଣା ପରିଷଦ ଓ ବ୍ରହ୍ମପୁର ବିଶ୍ୱବିଦ୍ୟାଳୟ ମଧ୍ୟରେ ବୁଝାମଣାପତ୍ର ସ୍ୱାକ୍ଷରିତ ହୋଇଛି। ଏହି ଚୁକ୍ତି ଅନୁଯାୟୀ ଦୁର୍ଲଭ ପାଣ୍ଡୁଲିପିଗୁଡ଼ିକର ସଂରକ୍ଷଣ ଓ ଡିଜିଟାଇଜେସନ କରାଯିବ।

'ସାହିତ୍ୟ ମାସିକୀ' କାର୍ଯ୍ୟକ୍ରମ
ସଫଳ ଗଳ୍ପ ରଚନା ପାଇଁ ଗବେଷଣା ଆବଶ୍ୟକ : ପ୍ରଦୋଷ ମିଶ୍ର
ଭୁବନେଶ୍ୱର, ନ୍ୟୁଜ୍‌ବ୍ୟୁରୋ
କୁଳି ଓ ଗୁରୁତ୍ୱରେ ଗଳ୍ପର ଭାଷା ସଂଯମ ହୋଇ ନିଜେ ଗବେଷଣା କରିବା ଆବଶ୍ୟକ। ସଫଳ ଗଳ୍ପ ରଚନା ନିମନ୍ତେ ଗବେଷଣା ନିତାନ୍ତ ଆବଶ୍ୟକ ବୋଲି ପ୍ରଦୋଷ ମିଶ୍ର କହିଛନ୍ତି। ଶନିବାର ସନ୍ଧ୍ୟାରେ ଆୟୋଜିତ 'ସାହିତ୍ୟ ମାସିକୀ' କାର୍ଯ୍ୟକ୍ରମରେ ବହୁ ସାହିତ୍ୟିକ ଯୋଗ ଦେଇଥିଲେ।

କୁଳି ଓ ଗୁରୁତ୍ୱରେ ଗଳ୍ପର ଭାଷା ସଂଯମ ହୋଇ ନିଜେ ଗବେଷଣା କରିବା ଆବଶ୍ୟକ। ସଫଳ ଗଳ୍ପ ରଚନା ନିମନ୍ତେ ଗବେଷଣା ନିତାନ୍ତ ଆବଶ୍ୟକ ବୋଲି ପ୍ରଦୋଷ ମିଶ୍ର କହିଛନ୍ତି। ଶନିବାର ସନ୍ଧ୍ୟାରେ ଆୟୋଜିତ 'ସାହିତ୍ୟ ମାସିକୀ' କାର୍ଯ୍ୟକ୍ରମରେ ବହୁ ସାହିତ୍ୟିକ ଯୋଗ ଦେଇଥିଲେ।

କୁଳି ଓ ଗୁରୁତ୍ୱରେ ଗଳ୍ପର ଭାଷା ସଂଯମ ହୋଇ ନିଜେ ଗବେଷଣା କରିବା ଆବଶ୍ୟକ। ସଫଳ ଗଳ୍ପ ରଚନା ନିମନ୍ତେ ଗବେଷଣା ନିତାନ୍ତ ଆବଶ୍ୟକ ବୋଲି ପ୍ରଦୋଷ ମିଶ୍ର କହିଛନ୍ତି। ଶନିବାର ସନ୍ଧ୍ୟାରେ ଆୟୋଜିତ 'ସାହିତ୍ୟ ମାସିକୀ' କାର୍ଯ୍ୟକ୍ରମରେ ବହୁ ସାହିତ୍ୟିକ ଯୋଗ ଦେଇଥିଲେ।

କୁଳି ଓ ଗୁରୁତ୍ୱରେ ଗଳ୍ପର ଭାଷା ସଂଯମ ହୋଇ ନିଜେ ଗବେଷଣା କରିବା ଆବଶ୍ୟକ। ସଫଳ ଗଳ୍ପ ରଚନା ନିମନ୍ତେ ଗବେଷଣା ନିତାନ୍ତ ଆବଶ୍ୟକ ବୋଲି ପ୍ରଦୋଷ ମିଶ୍ର କହିଛନ୍ତି। ଶନିବାର ସନ୍ଧ୍ୟାରେ ଆୟୋଜିତ 'ସାହିତ୍ୟ ମାସିକୀ' କାର୍ଯ୍ୟକ୍ରମରେ ବହୁ ସାହିତ୍ୟିକ ଯୋଗ ଦେଇଥିଲେ।

କୁଳି ଓ ଗୁରୁତ୍ୱରେ ଗଳ୍ପର ଭାଷା ସଂଯମ ହୋଇ ନିଜେ ଗବେଷଣା କରିବା ଆବଶ୍ୟକ। ସଫଳ ଗଳ୍ପ ରଚନା ନିମନ୍ତେ ଗବେଷଣା ନିତାନ୍ତ ଆବଶ୍ୟକ ବୋଲି ପ୍ରଦୋଷ ମିଶ୍ର କହିଛନ୍ତି। ଶନିବାର ସନ୍ଧ୍ୟାରେ ଆୟୋଜିତ 'ସାହିତ୍ୟ ମାସିକୀ' କାର୍ଯ୍ୟକ୍ରମରେ ବହୁ ସାହିତ୍ୟିକ ଯୋଗ ଦେଇଥିଲେ।

କୁଳି ଓ ଗୁରୁତ୍ୱରେ ଗଳ୍ପର ଭାଷା ସଂଯମ ହୋଇ ନିଜେ ଗବେଷଣା କରିବା ଆବଶ୍ୟକ। ସଫଳ ଗଳ୍ପ ରଚନା ନିମନ୍ତେ ଗବେଷଣା ନିତାନ୍ତ ଆବଶ୍ୟକ ବୋଲି ପ୍ରଦୋଷ ମିଶ୍ର କହିଛନ୍ତି। ଶନିବାର ସନ୍ଧ୍ୟାରେ ଆୟୋଜିତ 'ସାହିତ୍ୟ ମାସିକୀ' କାର୍ଯ୍ୟକ୍ରମରେ ବହୁ ସାହିତ୍ୟିକ ଯୋଗ ଦେଇଥିଲେ।

ଭଞ୍ଜ ଜୟନ୍ତୀକୁ ରାଜ୍ୟ ଉତ୍ସବର ମାନ୍ୟତା ଦେଇଥିବାରୁ ମୁଖ୍ୟମନ୍ତ୍ରୀଙ୍କୁ ଧନ୍ୟବାଦ
ଭୁବନେଶ୍ୱର, ନ୍ୟୁଜ୍‌ବ୍ୟୁରୋ

ଉତ୍କଳ ଗୌରବ ଉପେନ୍ଦ୍ର ଭଞ୍ଜଙ୍କ ଜୟନ୍ତୀକୁ ରାଜ୍ୟ ଉତ୍ସବର ମାନ୍ୟତା ଦେଇଥିବାରୁ ମୁଖ୍ୟମନ୍ତ୍ରୀଙ୍କୁ ଧନ୍ୟବାଦ ଜଣାଇଛନ୍ତି ବହୁ ସାହିତ୍ୟିକ ଓ ସଂସ୍କୃତିପ୍ରେମୀ।

ଉତ୍କଳ ଗୌରବ ଉପେନ୍ଦ୍ର ଭଞ୍ଜଙ୍କ ଜୟନ୍ତୀକୁ ରାଜ୍ୟ ଉତ୍ସବର ମାନ୍ୟତା ଦେଇଥିବାରୁ ମୁଖ୍ୟମନ୍ତ୍ରୀଙ୍କୁ ଧନ୍ୟବାଦ ଜଣାଇଛନ୍ତି ବହୁ ସାହିତ୍ୟିକ ଓ ସଂସ୍କୃତିପ୍ରେମୀ।

ଉତ୍କଳ ଗୌରବ ଉପେନ୍ଦ୍ର ଭଞ୍ଜଙ୍କ ଜୟନ୍ତୀକୁ ରାଜ୍ୟ ଉତ୍ସବର ମାନ୍ୟତା ଦେଇଥିବାରୁ ମୁଖ୍ୟମନ୍ତ୍ରୀଙ୍କୁ ଧନ୍ୟବାଦ ଜଣାଇଛନ୍ତି ବହୁ ସାହିତ୍ୟିକ ଓ ସଂସ୍କୃତିପ୍ରେମୀ।

ଉତ୍କଳ ଗୌରବ ଉପେନ୍ଦ୍ର ଭଞ୍ଜଙ୍କ ଜୟନ୍ତୀକୁ ରାଜ୍ୟ ଉତ୍ସବର ମାନ୍ୟତା ଦେଇଥିବାରୁ ମୁଖ୍ୟମନ୍ତ୍ରୀଙ୍କୁ ଧନ୍ୟବାଦ ଜଣାଇଛନ୍ତି ବହୁ ସାହିତ୍ୟିକ ଓ ସଂସ୍କୃତିପ୍ରେମୀ।

ଉତ୍କଳ ଗୌରବ ଉପେନ୍ଦ୍ର ଭଞ୍ଜଙ୍କ ଜୟନ୍ତୀକୁ ରାଜ୍ୟ ଉତ୍ସବର ମାନ୍ୟତା ଦେଇଥିବାରୁ ମୁଖ୍ୟମନ୍ତ୍ରୀଙ୍କୁ ଧନ୍ୟବାଦ ଜଣାଇଛନ୍ତି ବହୁ ସାହିତ୍ୟିକ ଓ ସଂସ୍କୃତିପ୍ରେମୀ।

ଉତ୍କଳ ଗୌରବ ଉପେନ୍ଦ୍ର ଭଞ୍ଜଙ୍କ ଜୟନ୍ତୀକୁ ରାଜ୍ୟ ଉତ୍ସବର ମାନ୍ୟତା ଦେଇଥିବାରୁ ମୁଖ୍ୟମନ୍ତ୍ରୀଙ୍କୁ ଧନ୍ୟବାଦ ଜଣାଇଛନ୍ତି ବହୁ ସାହିତ୍ୟିକ ଓ ସଂସ୍କୃତିପ୍ରେମୀ।

ଉତ୍କଳ ଗୌରବ ଉପେନ୍ଦ୍ର ଭଞ୍ଜଙ୍କ ଜୟନ୍ତୀକୁ ରାଜ୍ୟ ଉତ୍ସବର ମାନ୍ୟତା ଦେଇଥିବାରୁ ମୁଖ୍ୟମନ୍ତ୍ରୀଙ୍କୁ ଧନ୍ୟବାଦ ଜଣାଇଛନ୍ତି ବହୁ ସାହିତ୍ୟିକ ଓ ସଂସ୍କୃତିପ୍ରେମୀ।

ଉତ୍କଳ ଗୌରବ ଉପେନ୍ଦ୍ର ଭଞ୍ଜଙ୍କ ଜୟନ୍ତୀକୁ ରାଜ୍ୟ ଉତ୍ସବର ମାନ୍ୟତା ଦେଇଥିବାରୁ ମୁଖ୍ୟମନ୍ତ୍ରୀଙ୍କୁ ଧନ୍ୟବାଦ ଜଣାଇଛନ୍ତି ବହୁ ସାହିତ୍ୟିକ ଓ ସଂସ୍କୃତିପ୍ରେମୀ।

ଜୀବନ ଅନୁରେ ଯେତକକ୍ଷେ ଆରୋଗ୍ୟ ନୃତ୍ୟ
ଧର୍ମଶାଳା, ନ୍ୟୁଜ୍‌ବ୍ୟୁରୋ

ଉତ୍କଳ ଗୌରବ ଉପେନ୍ଦ୍ର ଭଞ୍ଜଙ୍କ ଜୟନ୍ତୀକୁ ରାଜ୍ୟ ଉତ୍ସବର ମାନ୍ୟତା ଦେଇଥିବାରୁ ମୁଖ୍ୟମନ୍ତ୍ରୀଙ୍କୁ ଧନ୍ୟବାଦ ଜଣାଇଛନ୍ତି ବହୁ ସାହିତ୍ୟିକ ଓ ସଂସ୍କୃତିପ୍ରେମୀ।

ଉତ୍କଳ ଗୌରବ ଉପେନ୍ଦ୍ର ଭଞ୍ଜଙ୍କ ଜୟନ୍ତୀକୁ ରାଜ୍ୟ ଉତ୍ସବର ମାନ୍ୟତା ଦେଇଥିବାରୁ ମୁଖ୍ୟମନ୍ତ୍ରୀଙ୍କୁ ଧନ୍ୟବାଦ ଜଣାଇଛନ୍ତି ବହୁ ସାହିତ୍ୟିକ ଓ ସଂସ୍କୃତିପ୍ରେମୀ।

ଉତ୍କଳ ଗୌରବ ଉପେନ୍ଦ୍ର ଭଞ୍ଜଙ୍କ ଜୟନ୍ତୀକୁ ରାଜ୍ୟ ଉତ୍ସବର ମାନ୍ୟତା ଦେଇଥିବାରୁ ମୁଖ୍ୟମନ୍ତ୍ରୀଙ୍କୁ ଧନ୍ୟବାଦ ଜଣାଇଛନ୍ତି ବହୁ ସାହିତ୍ୟିକ ଓ ସଂସ୍କୃତିପ୍ରେମୀ।

ଉତ୍କଳ ଗୌରବ ଉପେନ୍ଦ୍ର ଭଞ୍ଜଙ୍କ ଜୟନ୍ତୀକୁ ରାଜ୍ୟ ଉତ୍ସବର ମାନ୍ୟତା ଦେଇଥିବାରୁ ମୁଖ୍ୟମନ୍ତ୍ରୀଙ୍କୁ ଧନ୍ୟବାଦ ଜଣାଇଛନ୍ତି ବହୁ ସାହିତ୍ୟିକ ଓ ସଂସ୍କୃତିପ୍ରେମୀ।

ସୂଚନା ଓ ଲୋକସଂପର୍କ ବିଭାଗରେ ବିଦାୟକାଳୀନ ସମ୍ବର୍ଦ୍ଧନା ସଭା
ଭୁବନେଶ୍ୱର, ନ୍ୟୁଜ୍‌ବ୍ୟୁରୋ

ସୂଚନା ଓ ଲୋକସଂପର୍କ ବିଭାଗର ଅବସରପ୍ରାପ୍ତ କର୍ମଚାରୀଙ୍କ ପାଇଁ ବିଦାୟକାଳୀନ ସମ୍ବର୍ଦ୍ଧନା ସଭା ଆୟୋଜିତ ହୋଇଥିଲା।

ସୂଚନା ଓ ଲୋକସଂପର୍କ ବିଭାଗର ଅବସରପ୍ରାପ୍ତ କର୍ମଚାରୀଙ୍କ ପାଇଁ ବିଦାୟକାଳୀନ ସମ୍ବର୍ଦ୍ଧନା ସଭା ଆୟୋଜିତ ହୋଇଥିଲା।

ସୂଚନା ଓ ଲୋକସଂପର୍କ ବିଭାଗର ଅବସରପ୍ରାପ୍ତ କର୍ମଚାରୀଙ୍କ ପାଇଁ ବିଦାୟକାଳୀନ ସମ୍ବର୍ଦ୍ଧନା ସଭା ଆୟୋଜିତ ହୋଇଥିଲା।

ସୂଚନା ଓ ଲୋକସଂପର୍କ ବିଭାଗର ଅବସରପ୍ରାପ୍ତ କର୍ମଚାରୀଙ୍କ ପାଇଁ ବିଦାୟକାଳୀନ ସମ୍ବର୍ଦ୍ଧନା ସଭା ଆୟୋଜିତ ହୋଇଥିଲା।

ସୂଚନା ଓ ଲୋକସଂପର୍କ ବିଭାଗର ଅବସରପ୍ରାପ୍ତ କର୍ମଚାରୀଙ୍କ ପାଇଁ ବିଦାୟକାଳୀନ ସମ୍ବର୍ଦ୍ଧନା ସଭା ଆୟୋଜିତ ହୋଇଥିଲା।

ସୂଚନା ଓ ଲୋକସଂପର୍କ ବିଭାଗର ଅବସରପ୍ରାପ୍ତ କର୍ମଚାରୀଙ୍କ ପାଇଁ ବିଦାୟକାଳୀନ ସମ୍ବର୍ଦ୍ଧନା ସଭା ଆୟୋଜିତ ହୋଇଥିଲା।

ସୂଚନା ଓ ଲୋକସଂପର୍କ ବିଭାଗର ଅବସରପ୍ରାପ୍ତ କର୍ମଚାରୀଙ୍କ ପାଇଁ ବିଦାୟକାଳୀନ ସମ୍ବର୍ଦ୍ଧନା ସଭା ଆୟୋଜିତ ହୋଇଥିଲା।

ସୂଚନା ଓ ଲୋକସଂପର୍କ ବିଭାଗର ଅବସରପ୍ରାପ୍ତ କର୍ମଚାରୀଙ୍କ ପାଇଁ ବିଦାୟକାଳୀନ ସମ୍ବର୍ଦ୍ଧନା ସଭା ଆୟୋଜିତ ହୋଇଥିଲା।

ରାଜ୍ୟରେ ଆର୍ଥିକ ସ୍ଥିତି ଦୁର୍ବଳ ହେଉଛି : ବିଜେଡି
ଭୁବନେଶ୍ୱର, ନ୍ୟୁଜ୍‌ବ୍ୟୁରୋ

ରାଜ୍ୟର ଆର୍ଥିକ ସ୍ଥିତି ଦିନକୁ ଦିନ ଦୁର୍ବଳ ହେଉଛି ବୋଲି ବିଜେଡି ଅଭିଯୋଗ କରିଛି। ଦଳର ମୁଖପାତ୍ର କହିଛନ୍ତି ଯେ ସରକାର ଋଣ ଉପରେ ନିର୍ଭରଶୀଳ ହୋଇପଡ଼ୁଛନ୍ତି।

ରାଜ୍ୟର ଆର୍ଥିକ ସ୍ଥିତି ଦିନକୁ ଦିନ ଦୁର୍ବଳ ହେଉଛି ବୋଲି ବିଜେଡି ଅଭିଯୋଗ କରିଛି। ଦଳର ମୁଖପାତ୍ର କହିଛନ୍ତି ଯେ ସରକାର ଋଣ ଉପରେ ନିର୍ଭରଶୀଳ ହୋଇପଡ଼ୁଛନ୍ତି।

ରାଜ୍ୟର ଆର୍ଥିକ ସ୍ଥିତି ଦିନକୁ ଦିନ ଦୁର୍ବଳ ହେଉଛି ବୋଲି ବିଜେଡି ଅଭିଯୋଗ କରିଛି। ଦଳର ମୁଖପାତ୍ର କହିଛନ୍ତି ଯେ ସରକାର ଋଣ ଉପରେ ନିର୍ଭରଶୀଳ ହୋଇପଡ଼ୁଛନ୍ତି।

ରାଜ୍ୟର ଆର୍ଥିକ ସ୍ଥିତି ଦିନକୁ ଦିନ ଦୁର୍ବଳ ହେଉଛି ବୋଲି ବିଜେଡି ଅଭିଯୋଗ କରିଛି। ଦଳର ମୁଖପାତ୍ର କହିଛନ୍ତି ଯେ ସରକାର ଋଣ ଉପରେ ନିର୍ଭରଶୀଳ ହୋଇପଡ଼ୁଛନ୍ତି।

ରାଜ୍ୟର ଆର୍ଥିକ ସ୍ଥିତି ଦିନକୁ ଦିନ ଦୁର୍ବଳ ହେଉଛି ବୋଲି ବିଜେଡି ଅଭିଯୋଗ କରିଛି। ଦଳର ମୁଖପାତ୍ର କହିଛନ୍ତି ଯେ ସରକାର ଋଣ ଉପରେ ନିର୍ଭରଶୀଳ ହୋଇପଡ଼ୁଛନ୍ତି।

ରାଜ୍ୟର ଆର୍ଥିକ ସ୍ଥିତି ଦିନକୁ ଦିନ ଦୁର୍ବଳ ହେଉଛି ବୋଲି ବିଜେଡି ଅଭିଯୋଗ କରିଛି। ଦଳର ମୁଖପାତ୍ର କହିଛନ୍ତି ଯେ ସରକାର ଋଣ ଉପରେ ନିର୍ଭରଶୀଳ ହୋଇପଡ଼ୁଛନ୍ତି।

ରାଜ୍ୟର ଆର୍ଥିକ ସ୍ଥିତି ଦିନକୁ ଦିନ ଦୁର୍ବଳ ହେଉଛି ବୋଲି ବିଜେଡି ଅଭିଯୋଗ କରିଛି। ଦଳର ମୁଖପାତ୍ର କହିଛନ୍ତି ଯେ ସରକାର ଋଣ ଉପରେ ନିର୍ଭରଶୀଳ ହୋଇପଡ଼ୁଛନ୍ତି।

ରାଜ୍ୟର ଆର୍ଥିକ ସ୍ଥିତି ଦିନକୁ ଦିନ ଦୁର୍ବଳ ହେଉଛି ବୋଲି ବିଜେଡି ଅଭିଯୋଗ କରିଛି। ଦଳର ମୁଖପାତ୍ର କହିଛନ୍ତି ଯେ ସରକାର ଋଣ ଉପରେ ନିର୍ଭରଶୀଳ ହୋଇପଡ଼ୁଛନ୍ତି।

ରାଜ୍ୟର ଆର୍ଥିକ ସ୍ଥିତି ଦିନକୁ ଦିନ ଦୁର୍ବଳ ହେଉଛି ବୋଲି ବିଜେଡି ଅଭିଯୋଗ କରିଛି। ଦଳର ମୁଖପାତ୍ର କହିଛନ୍ତି ଯେ ସରକାର ଋଣ ଉପରେ ନିର୍ଭରଶୀଳ ହୋଇପଡ଼ୁଛନ୍ତି।

ରାଜ୍ୟର ଆର୍ଥିକ ସ୍ଥିତି ଦିନକୁ ଦିନ ଦୁର୍ବଳ ହେଉଛି ବୋଲି ବିଜେଡି ଅଭିଯୋଗ କରିଛି। ଦଳର ମୁଖପାତ୍ର କହିଛନ୍ତି ଯେ ସରକାର ଋଣ ଉପରେ ନିର୍ଭରଶୀଳ ହୋଇପଡ଼ୁଛନ୍ତି।
